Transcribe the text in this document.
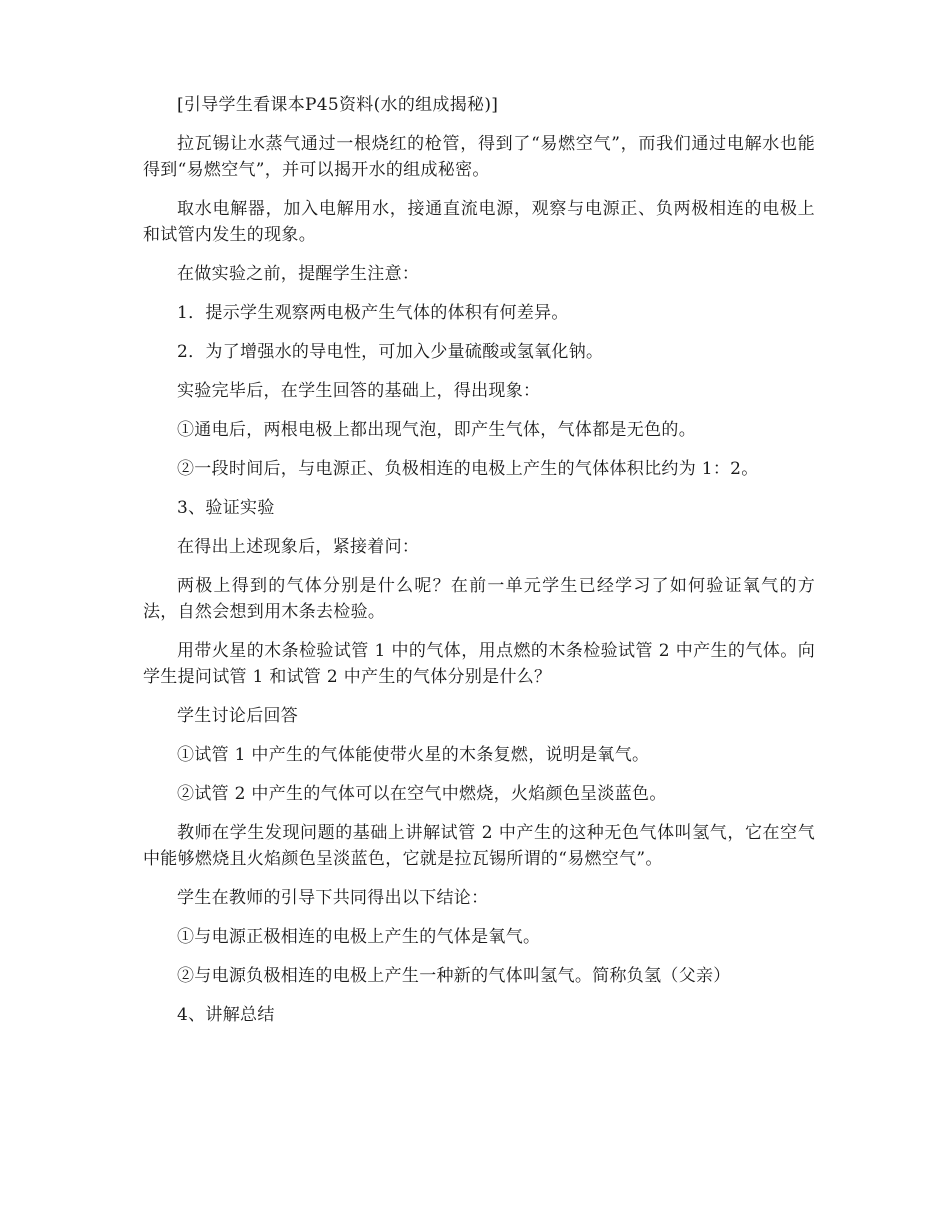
[引导学生看课本P45资料(水的组成揭秘)]

拉瓦锡让水蒸气通过一根烧红的枪管，得到了“易燃空气”，而我们通过电解水也能得到“易燃空气”，并可以揭开水的组成秘密。

取水电解器，加入电解用水，接通直流电源，观察与电源正、负两极相连的电极上和试管内发生的现象。

在做实验之前，提醒学生注意：

1．提示学生观察两电极产生气体的体积有何差异。

2．为了增强水的导电性，可加入少量硫酸或氢氧化钠。

实验完毕后，在学生回答的基础上，得出现象：

①通电后，两根电极上都出现气泡，即产生气体，气体都是无色的。

②一段时间后，与电源正、负极相连的电极上产生的气体体积比约为 1：2。

3、验证实验

在得出上述现象后，紧接着问：

两极上得到的气体分别是什么呢？在前一单元学生已经学习了如何验证氧气的方法，自然会想到用木条去检验。

用带火星的木条检验试管 1 中的气体，用点燃的木条检验试管 2 中产生的气体。向学生提问试管 1 和试管 2 中产生的气体分别是什么？

学生讨论后回答

①试管 1 中产生的气体能使带火星的木条复燃，说明是氧气。

②试管 2 中产生的气体可以在空气中燃烧，火焰颜色呈淡蓝色。

教师在学生发现问题的基础上讲解试管 2 中产生的这种无色气体叫氢气，它在空气中能够燃烧且火焰颜色呈淡蓝色，它就是拉瓦锡所谓的“易燃空气”。

学生在教师的引导下共同得出以下结论：

①与电源正极相连的电极上产生的气体是氧气。

②与电源负极相连的电极上产生一种新的气体叫氢气。简称负氢（父亲）

4、讲解总结
